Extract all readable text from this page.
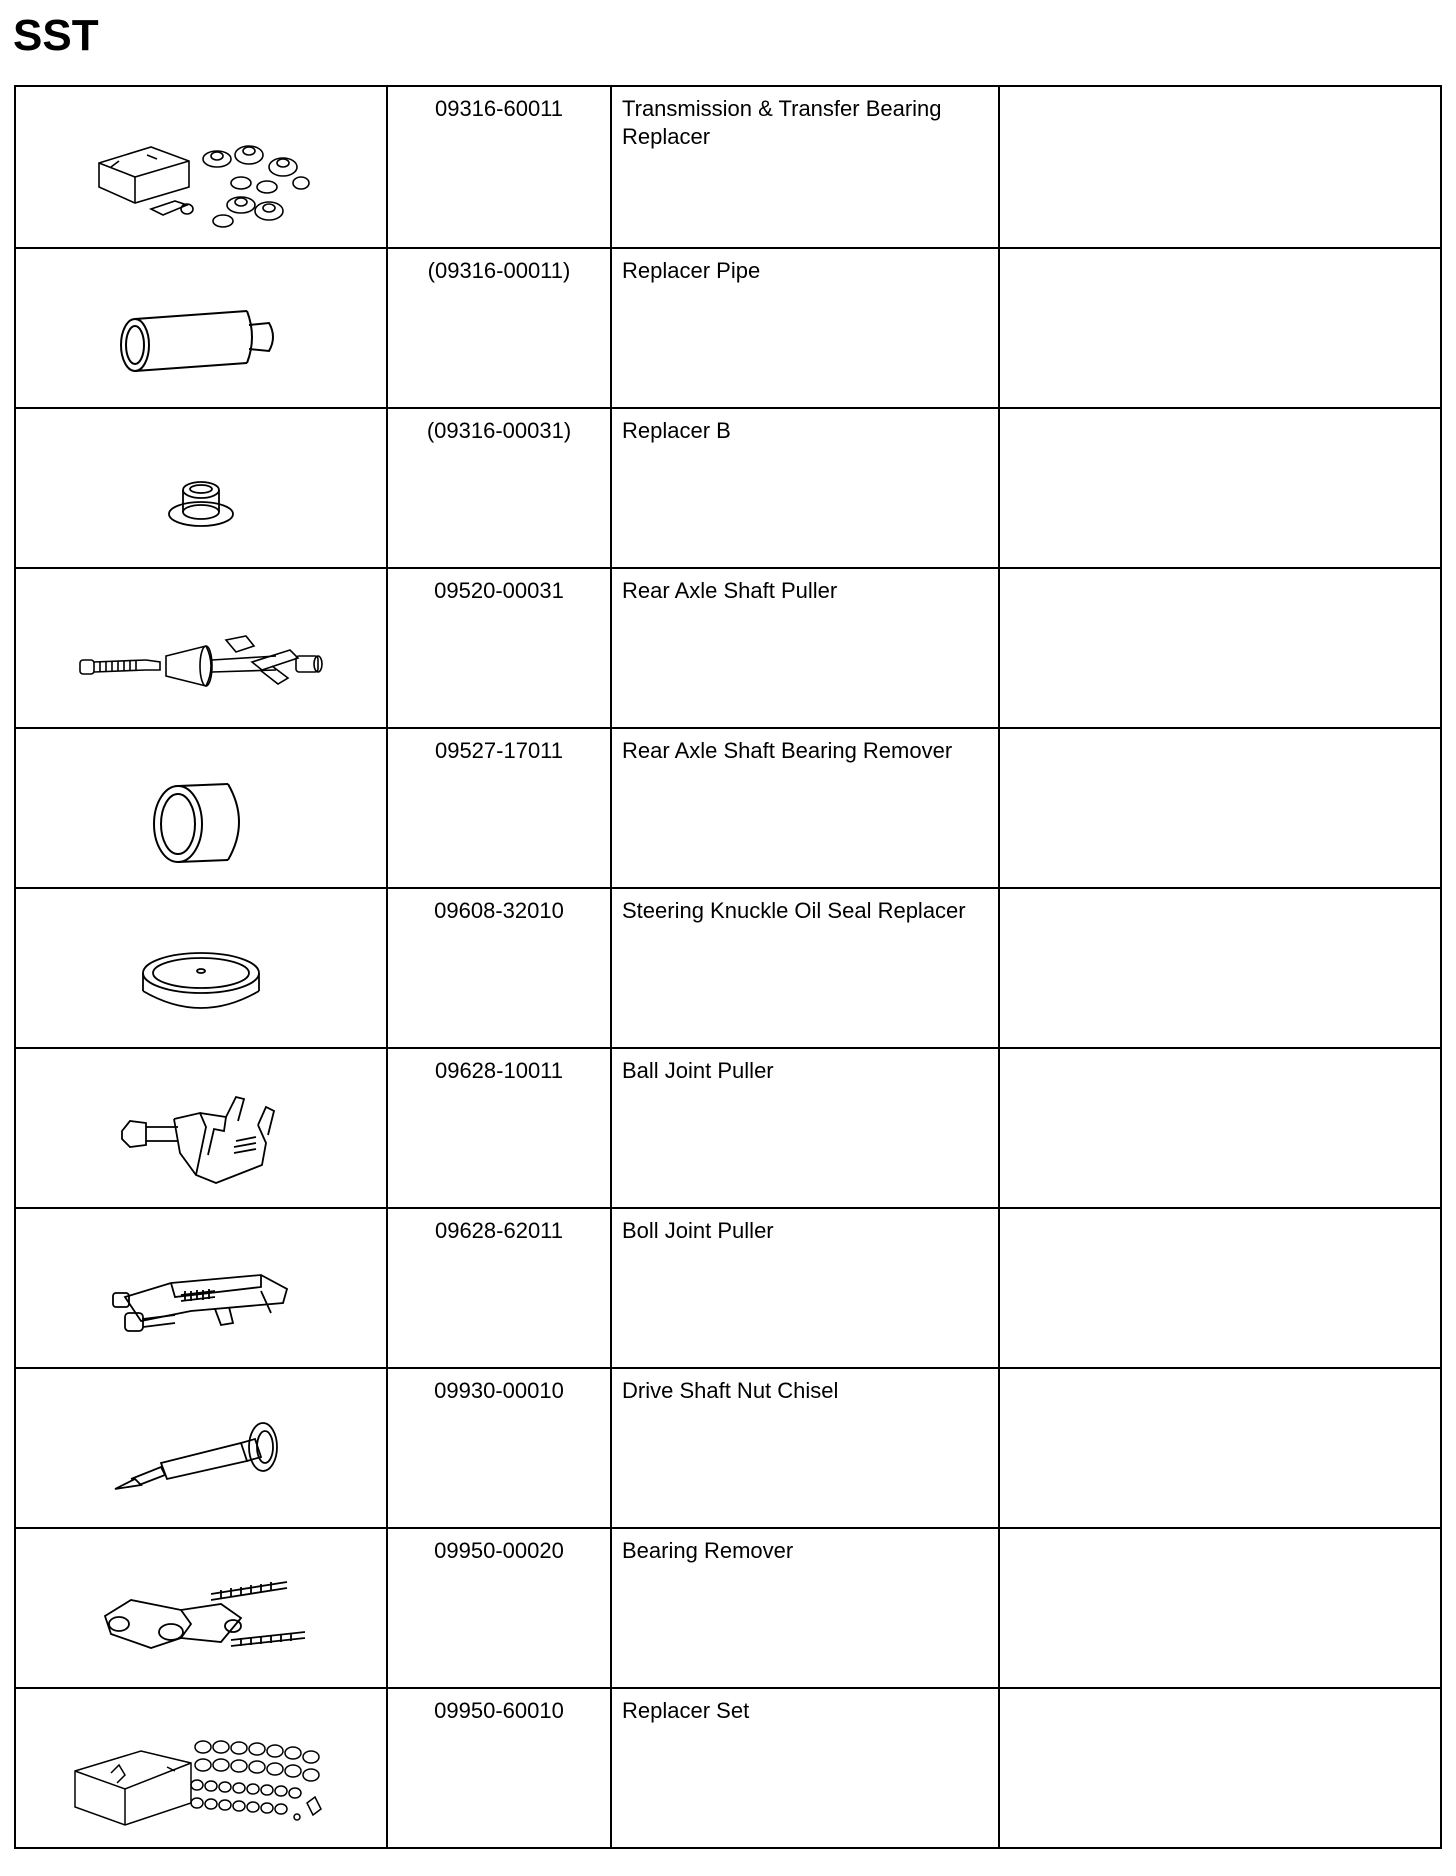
SST

09316-60011	Transmission & Transfer Bearing Replacer	

(09316-00011)	Replacer Pipe	

(09316-00031)	Replacer B	

09520-00031	Rear Axle Shaft Puller	

09527-17011	Rear Axle Shaft Bearing Remover	

09608-32010	Steering Knuckle Oil Seal Replacer	

09628-10011	Ball Joint Puller	

09628-62011	Boll Joint Puller	

09930-00010	Drive Shaft Nut Chisel	

09950-00020	Bearing Remover	

09950-60010	Replacer Set	
